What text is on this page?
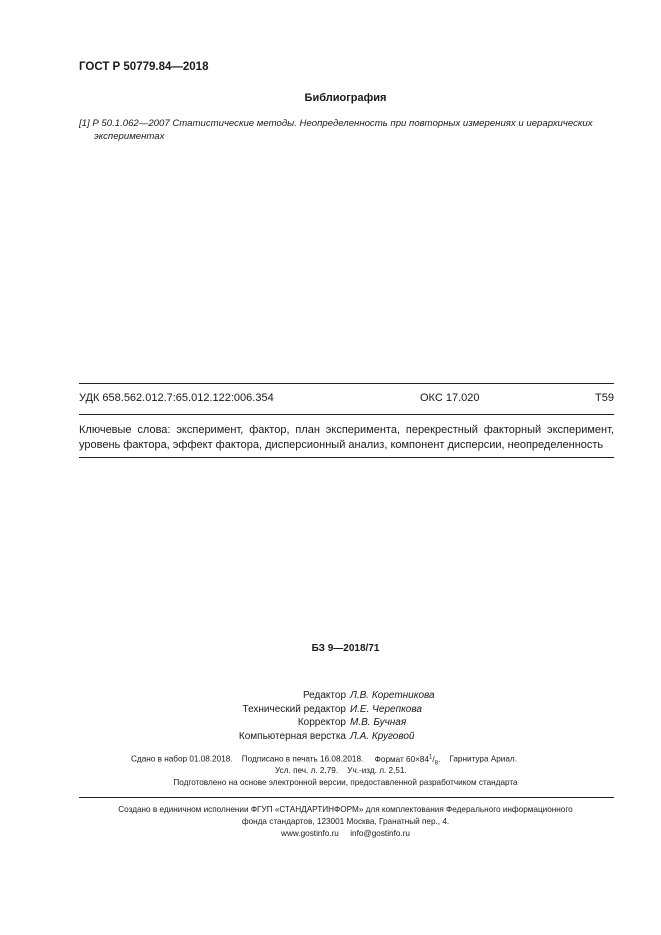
ГОСТ Р 50779.84—2018
Библиография
[1] Р 50.1.062—2007 Статистические методы. Неопределенность при повторных измерениях и иерархических
экспериментах
УДК 658.562.012.7:65.012.122:006.354	ОКС 17.020	Т59
Ключевые слова: эксперимент, фактор, план эксперимента, перекрестный факторный эксперимент, уровень фактора, эффект фактора, дисперсионный анализ, компонент дисперсии, неопределенность
БЗ 9—2018/71
Редактор Л.В. Коретникова
Технический редактор И.Е. Черепкова
Корректор М.В. Бучная
Компьютерная верстка Л.А. Круговой
Сдано в набор 01.08.2018. Подписано в печать 16.08.2018. Формат $60\times 84^1/_8$. Гарнитура Ариал.
Усл. печ. л. 2,79. Уч.-изд. л. 2,51.
Подготовлено на основе электронной версии, предоставленной разработчиком стандарта
Создано в единичном исполнении ФГУП «СТАНДАРТИНФОРМ» для комплектования Федерального информационного
фонда стандартов, 123001 Москва, Гранатный пер., 4.
www.gostinfo.ru info@gostinfo.ru
